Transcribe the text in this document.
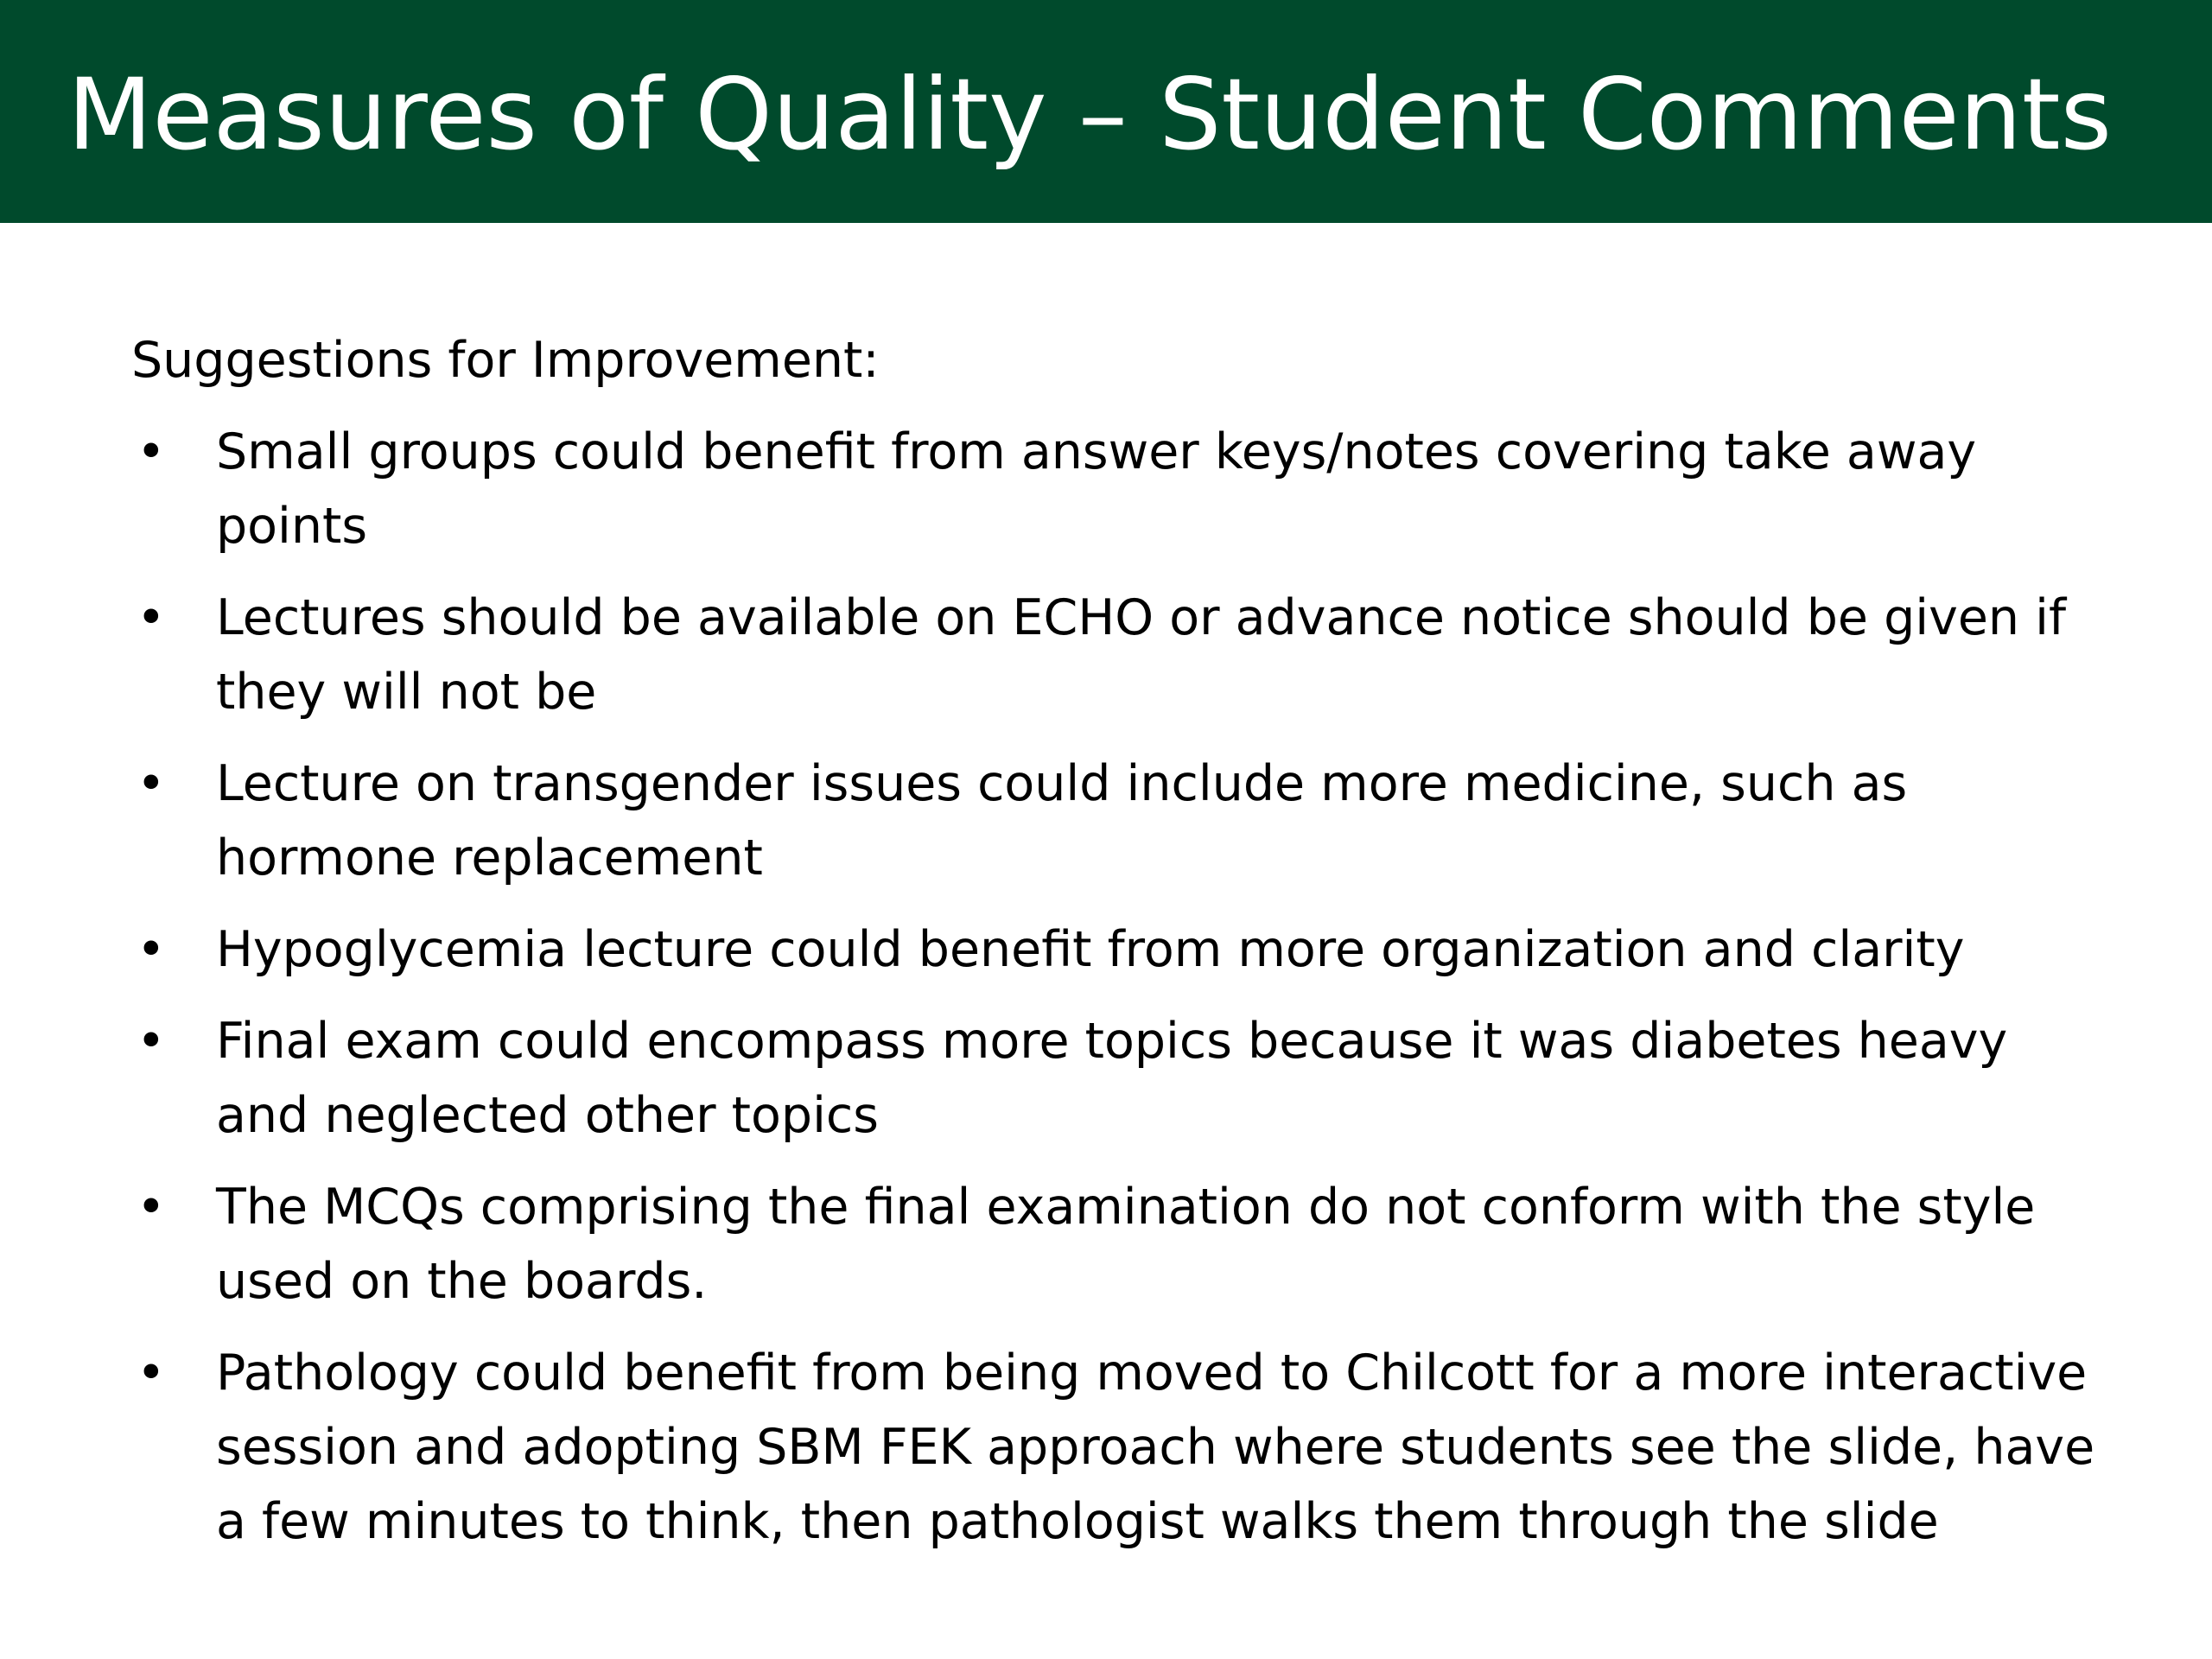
Measures of Quality – Student Comments
Suggestions for Improvement:
• Small groups could benefit from answer keys/notes covering take away points
• Lectures should be available on ECHO or advance notice should be given if they will not be
• Lecture on transgender issues could include more medicine, such as hormone replacement
• Hypoglycemia lecture could benefit from more organization and clarity
• Final exam could encompass more topics because it was diabetes heavy and neglected other topics
• The MCQs comprising the final examination do not conform with the style used on the boards.
• Pathology could benefit from being moved to Chilcott for a more interactive session and adopting SBM FEK approach where students see the slide, have a few minutes to think, then pathologist walks them through the slide
